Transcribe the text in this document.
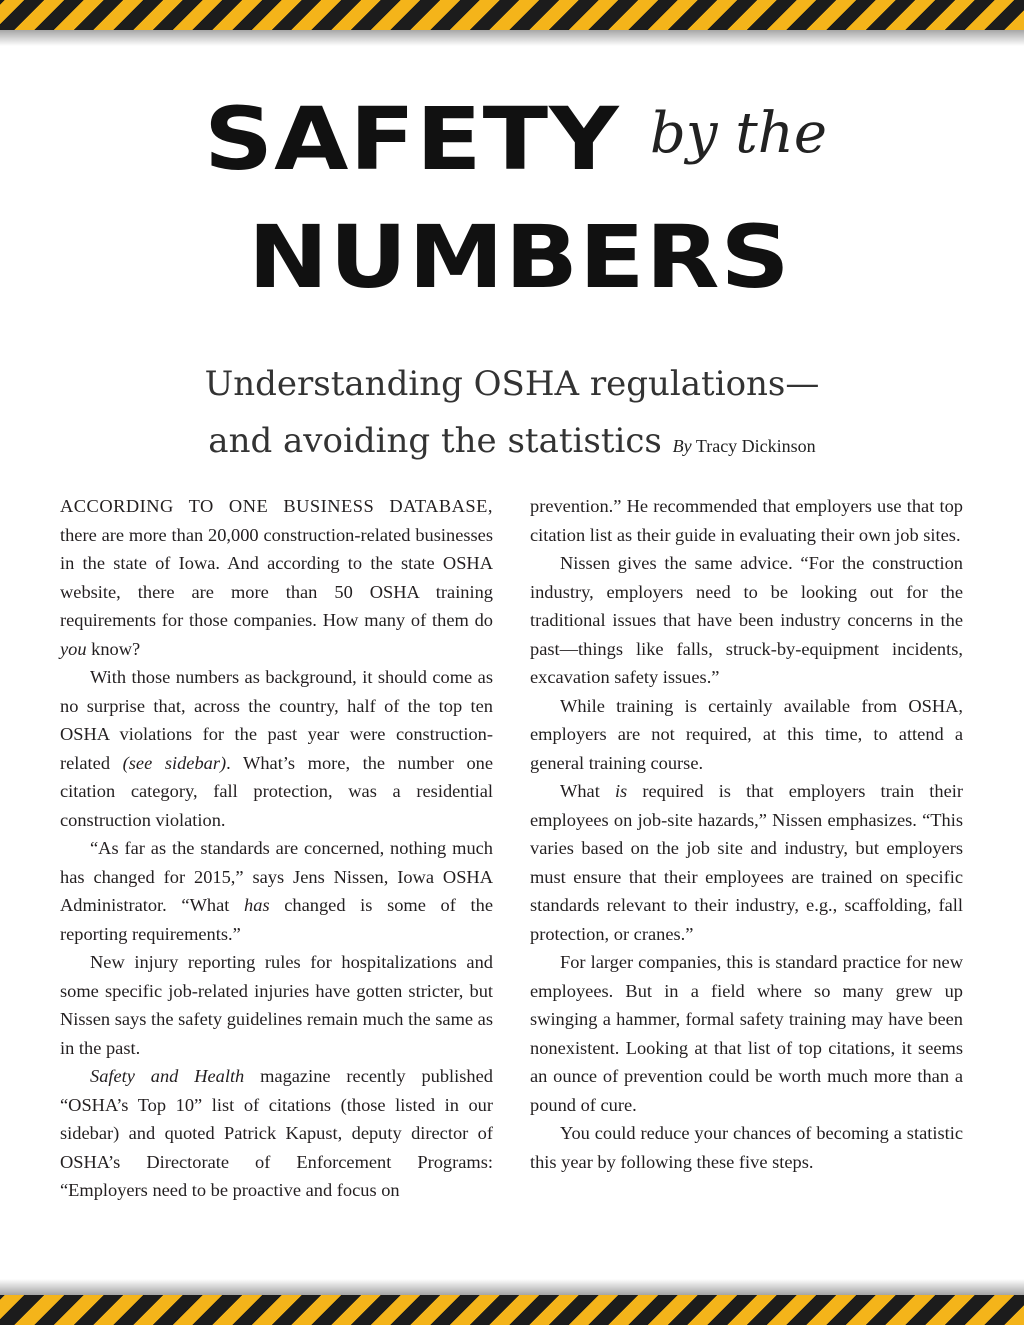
SAFETY by the
NUMBERS
Understanding OSHA regulations—
and avoiding the statistics By Tracy Dickinson

ACCORDING TO ONE BUSINESS DATABASE, there are more than 20,000 construction-related businesses in the state of Iowa. And according to the state OSHA website, there are more than 50 OSHA training requirements for those companies. How many of them do you know?

With those numbers as background, it should come as no surprise that, across the country, half of the top ten OSHA violations for the past year were construction-related (see sidebar). What’s more, the number one citation category, fall protection, was a residential construction violation.

“As far as the standards are concerned, nothing much has changed for 2015,” says Jens Nissen, Iowa OSHA Administrator. “What has changed is some of the reporting requirements.”

New injury reporting rules for hospitalizations and some specific job-related injuries have gotten stricter, but Nissen says the safety guidelines remain much the same as in the past.

Safety and Health magazine recently published “OSHA’s Top 10” list of citations (those listed in our sidebar) and quoted Patrick Kapust, deputy director of OSHA’s Directorate of Enforcement Programs: “Employers need to be proactive and focus on

prevention.” He recommended that employers use that top citation list as their guide in evaluating their own job sites.

Nissen gives the same advice. “For the construction industry, employers need to be looking out for the traditional issues that have been industry concerns in the past—things like falls, struck-by-equipment incidents, excavation safety issues.”

While training is certainly available from OSHA, employers are not required, at this time, to attend a general training course.

What is required is that employers train their employees on job-site hazards,” Nissen emphasizes. “This varies based on the job site and industry, but employers must ensure that their employees are trained on specific standards relevant to their industry, e.g., scaffolding, fall protection, or cranes.”

For larger companies, this is standard practice for new employees. But in a field where so many grew up swinging a hammer, formal safety training may have been nonexistent. Looking at that list of top citations, it seems an ounce of prevention could be worth much more than a pound of cure.

You could reduce your chances of becoming a statistic this year by following these five steps.
